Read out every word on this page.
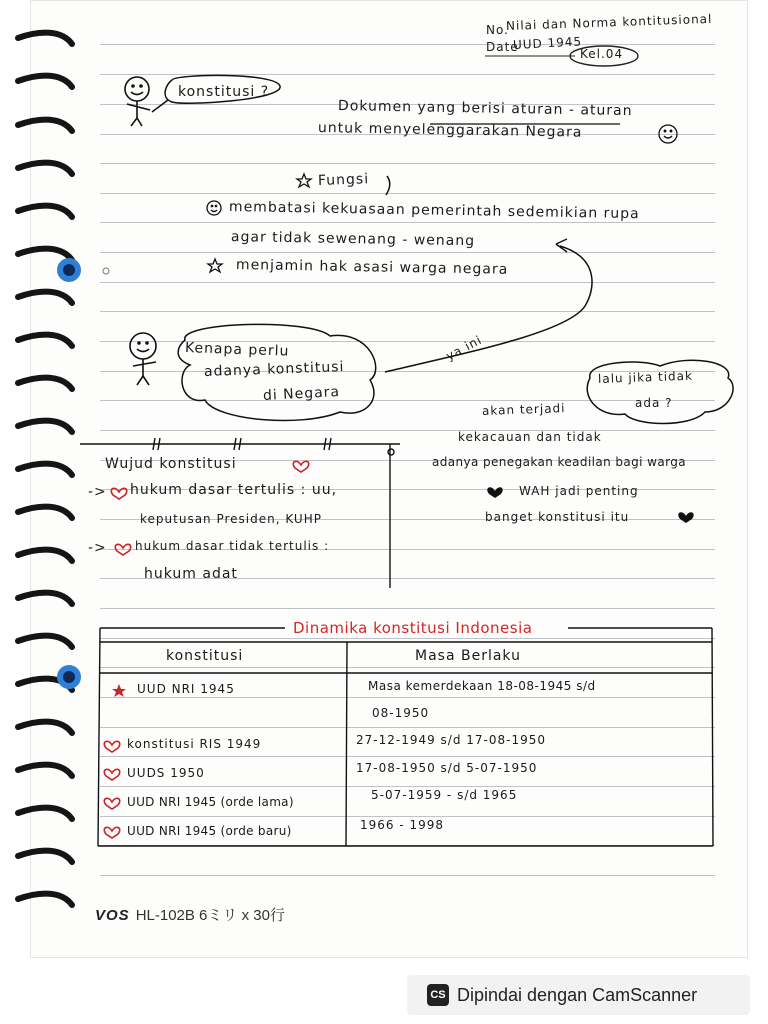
No.
Nilai dan Norma kontitusional
Date
UUD 1945
Kel.04
konstitusi ?
Dokumen yang berisi aturan - aturan
untuk menyelenggarakan Negara
Fungsi
membatasi kekuasaan pemerintah sedemikian rupa
agar tidak sewenang - wenang
menjamin hak asasi warga negara
Kenapa perlu
adanya konstitusi
di Negara
ya ini
lalu jika tidak
ada ?
akan terjadi
kekacauan dan tidak
adanya penegakan keadilan bagi warga
WAH jadi penting
banget konstitusi itu
Wujud konstitusi
-> hukum dasar tertulis : uu,
keputusan Presiden, KUHP
-> hukum dasar tidak tertulis :
hukum adat
Dinamika konstitusi Indonesia
konstitusi	Masa Berlaku
UUD NRI 1945	Masa kemerdekaan 18-08-1945 s/d
08-1950
konstitusi RIS 1949	27-12-1949 s/d 17-08-1950
UUDS 1950	17-08-1950 s/d 5-07-1950
UUD NRI 1945 (orde lama)	5-07-1959 - s/d 1965
UUD NRI 1945 (orde baru)	1966 - 1998
VOS HL-102B 6ミリ x 30行
CS Dipindai dengan CamScanner
